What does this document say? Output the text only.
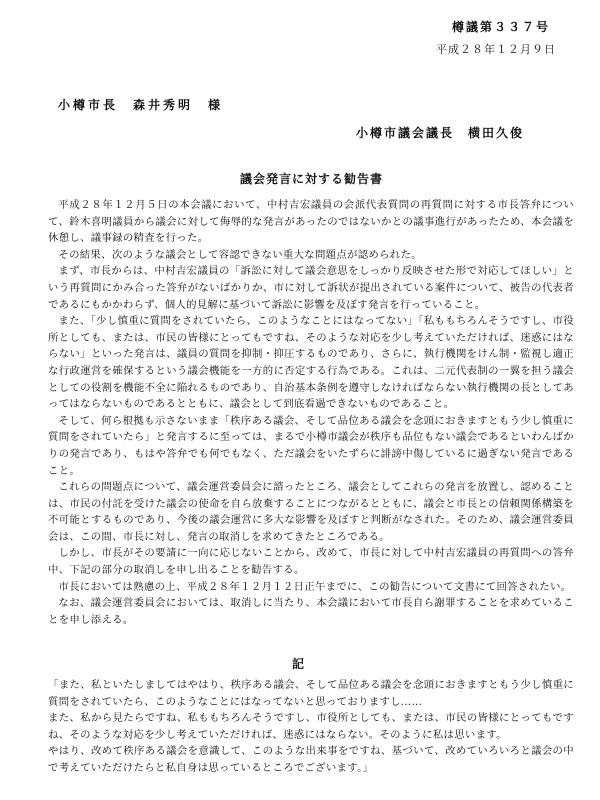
樽議第３３７号
平成２８年１２月９日
小樽市長　森井秀明　様
小樽市議会議長　横田久俊
議会発言に対する勧告書

平成２８年１２月５日の本会議において、中村吉宏議員の会派代表質問の再質問に対する市長答弁について、鈴木喜明議員から議会に対して侮辱的な発言があったのではないかとの議事進行があったため、本会議を休憩し、議事録の精査を行った。

その結果、次のような議会として容認できない重大な問題点が認められた。

まず、市長からは、中村吉宏議員の「訴訟に対して議会意思をしっかり反映させた形で対応してほしい」という再質問にかみ合った答弁がないばかりか、市に対して訴状が提出されている案件について、被告の代表者であるにもかかわらず、個人的見解に基づいて訴訟に影響を及ぼす発言を行っていること。

また、「少し慎重に質問をされていたら、このようなことにはなってない」「私ももちろんそうですし、市役所としても、または、市民の皆様にとってもですね、そのような対応を少し考えていただければ、迷惑にはならない」といった発言は、議員の質問を抑制・抑圧するものであり、さらに、執行機関をけん制・監視し適正な行政運営を確保するという議会機能を一方的に否定する行為である。これは、二元代表制の一翼を担う議会としての役割を機能不全に陥れるものであり、自治基本条例を遵守しなければならない執行機関の長としてあってはならないものであるとともに、議会として到底看過できないものであること。

そして、何ら根拠も示さないまま「秩序ある議会、そして品位ある議会を念頭におきますともう少し慎重に質問をされていたら」と発言するに至っては、まるで小樽市議会が秩序も品位もない議会であるといわんばかりの発言であり、もはや答弁でも何でもなく、ただ議会をいたずらに誹謗中傷しているに過ぎない発言であること。

これらの問題点について、議会運営委員会に諮ったところ、議会としてこれらの発言を放置し、認めることは、市民の付託を受けた議会の使命を自ら放棄することにつながるとともに、議会と市長との信頼関係構築を不可能とするものであり、今後の議会運営に多大な影響を及ぼすと判断がなされた。そのため、議会運営委員会は、この間、市長に対し、発言の取消しを求めてきたところである。

しかし、市長がその要請に一向に応じないことから、改めて、市長に対して中村吉宏議員の再質問への答弁中、下記の部分の取消しを申し出ることを勧告する。

市長においては熟慮の上、平成２８年１２月１２日正午までに、この勧告について文書にて回答されたい。

なお、議会運営委員会においては、取消しに当たり、本会議において市長自ら謝罪することを求めていることを申し添える。

記

「また、私といたしましてはやはり、秩序ある議会、そして品位ある議会を念頭におきますともう少し慎重に質問をされていたら、このようなことにはなってないと思っておりますし……

また、私から見たらですね、私ももちろんそうですし、市役所としても、または、市民の皆様にとってもですね、そのような対応を少し考えていただければ、迷惑にはならない。そのように私は思います。

やはり、改めて秩序ある議会を意識して、このような出来事をですね、基づいて、改めていろいろと議会の中で考えていただけたらと私自身は思っているところでございます。」
